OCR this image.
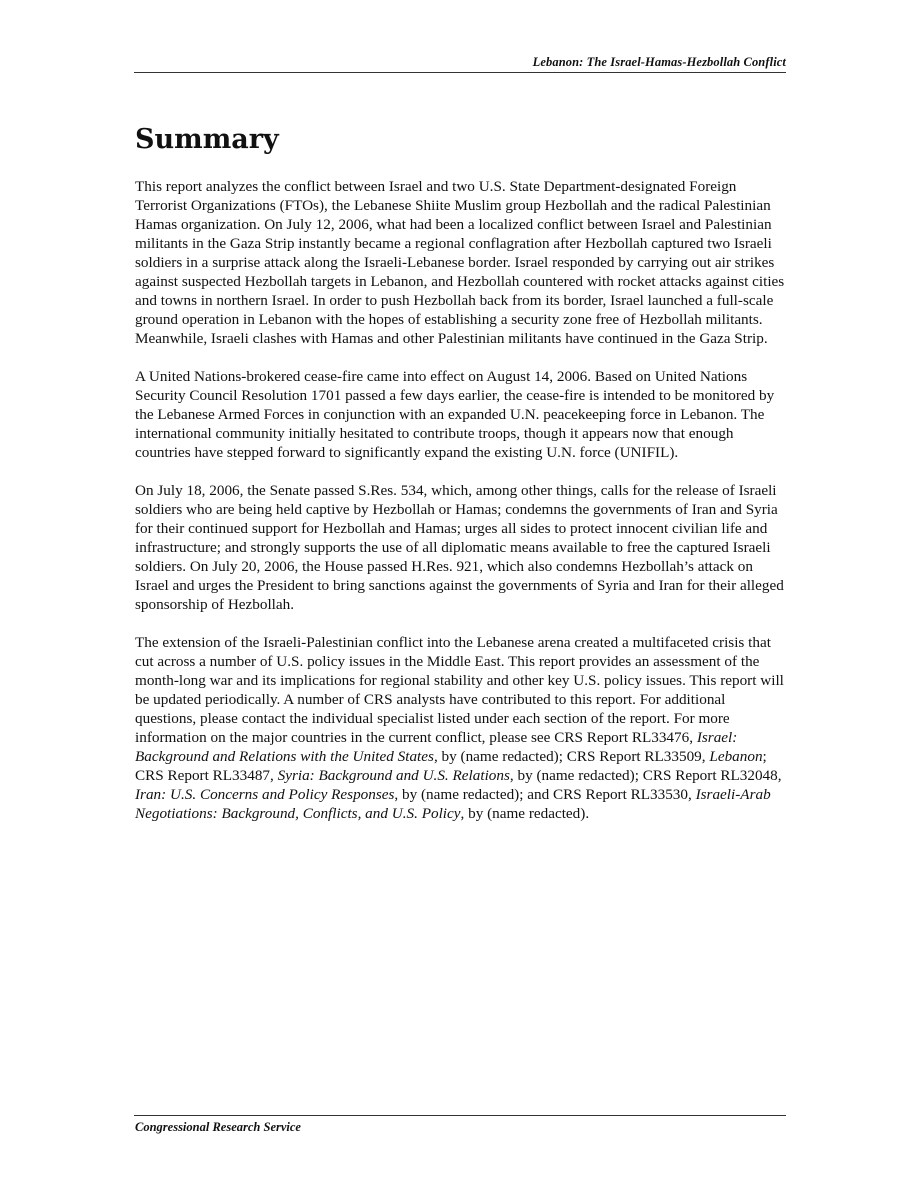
Lebanon: The Israel-Hamas-Hezbollah Conflict
Summary

This report analyzes the conflict between Israel and two U.S. State Department-designated Foreign Terrorist Organizations (FTOs), the Lebanese Shiite Muslim group Hezbollah and the radical Palestinian Hamas organization. On July 12, 2006, what had been a localized conflict between Israel and Palestinian militants in the Gaza Strip instantly became a regional conflagration after Hezbollah captured two Israeli soldiers in a surprise attack along the Israeli-Lebanese border. Israel responded by carrying out air strikes against suspected Hezbollah targets in Lebanon, and Hezbollah countered with rocket attacks against cities and towns in northern Israel. In order to push Hezbollah back from its border, Israel launched a full-scale ground operation in Lebanon with the hopes of establishing a security zone free of Hezbollah militants. Meanwhile, Israeli clashes with Hamas and other Palestinian militants have continued in the Gaza Strip.

A United Nations-brokered cease-fire came into effect on August 14, 2006. Based on United Nations Security Council Resolution 1701 passed a few days earlier, the cease-fire is intended to be monitored by the Lebanese Armed Forces in conjunction with an expanded U.N. peacekeeping force in Lebanon. The international community initially hesitated to contribute troops, though it appears now that enough countries have stepped forward to significantly expand the existing U.N. force (UNIFIL).

On July 18, 2006, the Senate passed S.Res. 534, which, among other things, calls for the release of Israeli soldiers who are being held captive by Hezbollah or Hamas; condemns the governments of Iran and Syria for their continued support for Hezbollah and Hamas; urges all sides to protect innocent civilian life and infrastructure; and strongly supports the use of all diplomatic means available to free the captured Israeli soldiers. On July 20, 2006, the House passed H.Res. 921, which also condemns Hezbollah’s attack on Israel and urges the President to bring sanctions against the governments of Syria and Iran for their alleged sponsorship of Hezbollah.

The extension of the Israeli-Palestinian conflict into the Lebanese arena created a multifaceted crisis that cut across a number of U.S. policy issues in the Middle East. This report provides an assessment of the month-long war and its implications for regional stability and other key U.S. policy issues. This report will be updated periodically. A number of CRS analysts have contributed to this report. For additional questions, please contact the individual specialist listed under each section of the report. For more information on the major countries in the current conflict, please see CRS Report RL33476, Israel: Background and Relations with the United States, by (name redacted); CRS Report RL33509, Lebanon; CRS Report RL33487, Syria: Background and U.S. Relations, by (name redacted); CRS Report RL32048, Iran: U.S. Concerns and Policy Responses, by (name redacted); and CRS Report RL33530, Israeli-Arab Negotiations: Background, Conflicts, and U.S. Policy, by (name redacted).

Congressional Research Service
